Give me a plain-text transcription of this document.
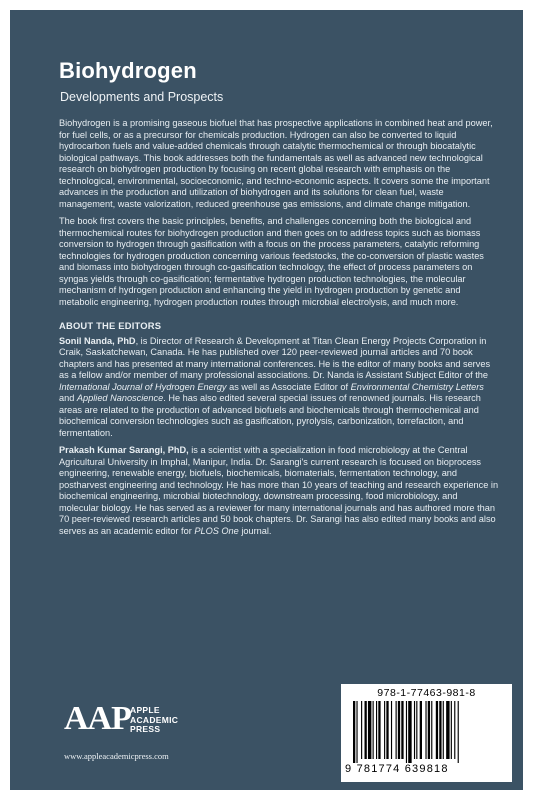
Biohydrogen
Developments and Prospects

Biohydrogen is a promising gaseous biofuel that has prospective applications in combined heat and power, for fuel cells, or as a precursor for chemicals production. Hydrogen can also be converted to liquid hydrocarbon fuels and value-added chemicals through catalytic thermochemical or through biocatalytic biological pathways. This book addresses both the fundamentals as well as advanced new technological research on biohydrogen production by focusing on recent global research with emphasis on the technological, environmental, socioeconomic, and techno-economic aspects. It covers some the important advances in the production and utilization of biohydrogen and its solutions for clean fuel, waste management, waste valorization, reduced greenhouse gas emissions, and climate change mitigation.

The book first covers the basic principles, benefits, and challenges concerning both the biological and thermochemical routes for biohydrogen production and then goes on to address topics such as biomass conversion to hydrogen through gasification with a focus on the process parameters, catalytic reforming technologies for hydrogen production concerning various feedstocks, the co-conversion of plastic wastes and biomass into biohydrogen through co-gasification technology, the effect of process parameters on syngas yields through co-gasification; fermentative hydrogen production technologies, the molecular mechanism of hydrogen production and enhancing the yield in hydrogen production by genetic and metabolic engineering, hydrogen production routes through microbial electrolysis, and much more.

ABOUT THE EDITORS

Sonil Nanda, PhD, is Director of Research & Development at Titan Clean Energy Projects Corporation in Craik, Saskatchewan, Canada. He has published over 120 peer-reviewed journal articles and 70 book chapters and has presented at many international conferences. He is the editor of many books and serves as a fellow and/or member of many professional associations. Dr. Nanda is Assistant Subject Editor of the International Journal of Hydrogen Energy as well as Associate Editor of Environmental Chemistry Letters and Applied Nanoscience. He has also edited several special issues of renowned journals. His research areas are related to the production of advanced biofuels and biochemicals through thermochemical and biochemical conversion technologies such as gasification, pyrolysis, carbonization, torrefaction, and fermentation.

Prakash Kumar Sarangi, PhD, is a scientist with a specialization in food microbiology at the Central Agricultural University in Imphal, Manipur, India. Dr. Sarangi's current research is focused on bioprocess engineering, renewable energy, biofuels, biochemicals, biomaterials, fermentation technology, and postharvest engineering and technology. He has more than 10 years of teaching and research experience in biochemical engineering, microbial biotechnology, downstream processing, food microbiology, and molecular biology. He has served as a reviewer for many international journals and has authored more than 70 peer-reviewed research articles and 50 book chapters. Dr. Sarangi has also edited many books and also serves as an academic editor for PLOS One journal.

AAP APPLE
ACADEMIC
PRESS
www.appleacademicpress.com
978-1-77463-981-8
9 781774 639818
